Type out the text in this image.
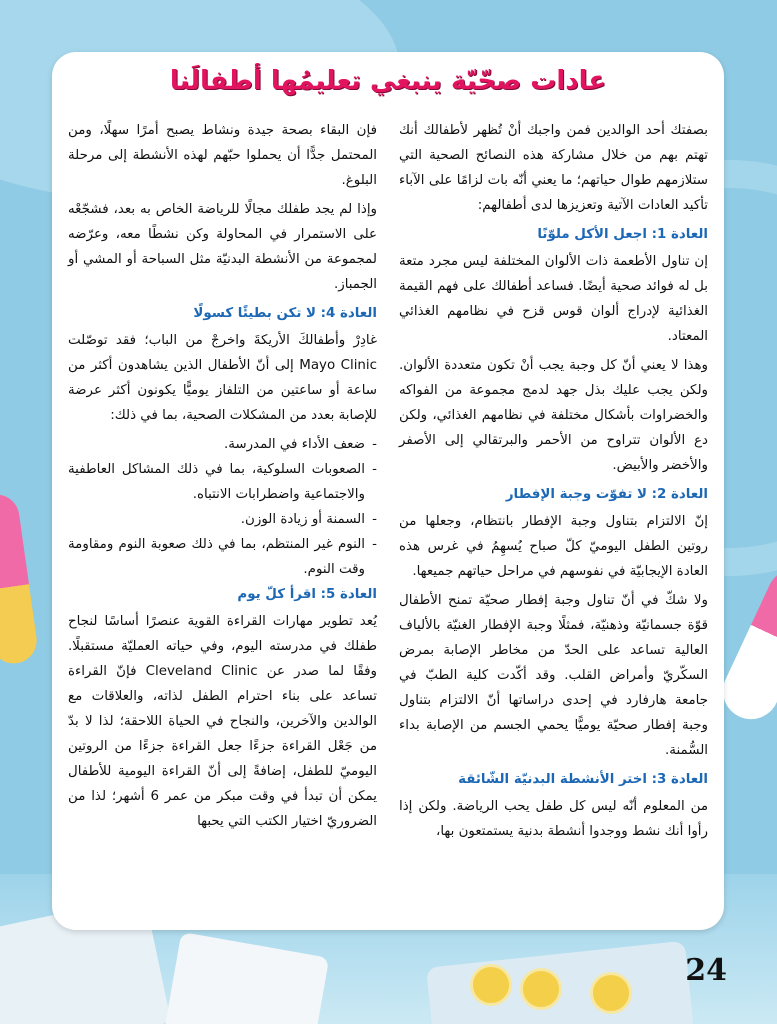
عادات صحّيّة ينبغي تعليمُها أطفالَنا

بصفتك أحد الوالدين فمن واجبك أنْ تُظهر لأطفالك أنك تهتم بهم من خلال مشاركة هذه النصائح الصحية التي ستلازمهم طوال حياتهم؛ ما يعني أنّه بات لزامًا على الآباء تأكيد العادات الآتية وتعزيزها لدى أطفالهم:

العادة 1: اجعل الأكل ملوّنًا

إن تناول الأطعمة ذات الألوان المختلفة ليس مجرد متعة بل له فوائد صحية أيضًا. فساعد أطفالك على فهم القيمة الغذائية لإدراج ألوان قوس قزح في نظامهم الغذائي المعتاد.

وهذا لا يعني أنّ كل وجبة يجب أنْ تكون متعددة الألوان. ولكن يجب عليك بذل جهد لدمج مجموعة من الفواكه والخضراوات بأشكال مختلفة في نظامهم الغذائي، ولكن دع الألوان تتراوح من الأحمر والبرتقالي إلى الأصفر والأخضر والأبيض.

العادة 2: لا تفوّت وجبة الإفطار

إنّ الالتزام بتناول وجبة الإفطار بانتظام، وجعلها من روتين الطفل اليوميّ كلّ صباح يُسهِمُ في غرس هذه العادة الإيجابيّة في نفوسهم في مراحل حياتهم جميعها.

ولا شكّ في أنّ تناول وجبة إفطار صحيّة تمنح الأطفال قوّة جسمانيّة وذهنيّة، فمثلًا وجبة الإفطار الغنيّة بالألياف العالية تساعد على الحدّ من مخاطر الإصابة بمرض السكّريّ وأمراض القلب. وقد أكّدت كلية الطبّ في جامعة هارفارد في إحدى دراساتها أنّ الالتزام بتناول وجبة إفطار صحيّة يوميًّا يحمي الجسم من الإصابة بداء السُّمنة.

العادة 3: اختر الأنشطة البدنيّة الشّائقة

من المعلوم أنّه ليس كل طفل يحب الرياضة. ولكن إذا رأوا أنك نشط ووجدوا أنشطة بدنية يستمتعون بها،

فإن البقاء بصحة جيدة ونشاط يصبح أمرًا سهلًا، ومن المحتمل جدًّا أن يحملوا حبّهم لهذه الأنشطة إلى مرحلة البلوغ.

وإذا لم يجد طفلك مجالًا للرياضة الخاص به بعد، فشجّعْه على الاستمرار في المحاولة وكن نشطًا معه، وعرّضه لمجموعة من الأنشطة البدنيّة مثل السباحة أو المشي أو الجمباز.

العادة 4: لا تكن بطيئًا كسولًا

غادِرْ وأطفالكَ الأريكةَ واخرجْ من الباب؛ فقد توصّلت Mayo Clinic إلى أنّ الأطفال الذين يشاهدون أكثر من ساعة أو ساعتين من التلفاز يوميًّا يكونون أكثر عرضة للإصابة بعدد من المشكلات الصحية، بما في ذلك:

- ضعف الأداء في المدرسة.
- الصعوبات السلوكية، بما في ذلك المشاكل العاطفية والاجتماعية واضطرابات الانتباه.
- السمنة أو زيادة الوزن.
- النوم غير المنتظم، بما في ذلك صعوبة النوم ومقاومة وقت النوم.
العادة 5: اقرأ كلّ يوم

يُعد تطوير مهارات القراءة القوية عنصرًا أساسًا لنجاح طفلك في مدرسته اليوم، وفي حياته العمليّة مستقبلًا. وفقًا لما صدر عن Cleveland Clinic فإنّ القراءة تساعد على بناء احترام الطفل لذاته، والعلاقات مع الوالدين والآخرين، والنجاح في الحياة اللاحقة؛ لذا لا بدّ من جَعْل القراءة جزءًا جعل القراءة جزءًا من الروتين اليوميّ للطفل، إضافةً إلى أنّ القراءة اليومية للأطفال يمكن أن تبدأ في وقت مبكر من عمر 6 أشهر؛ لذا من الضروريّ اختيار الكتب التي يحبها

24
